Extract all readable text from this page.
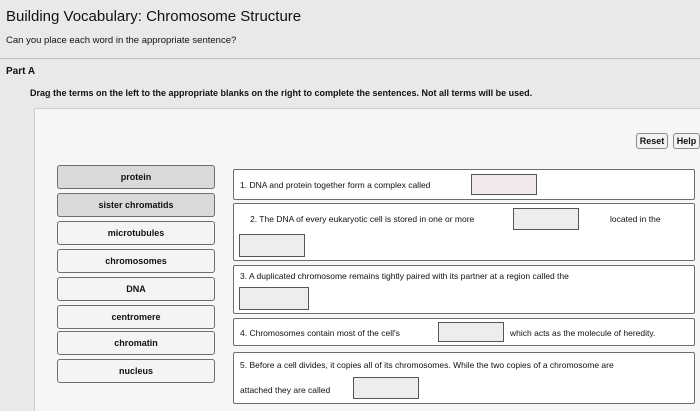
Building Vocabulary: Chromosome Structure
Can you place each word in the appropriate sentence?
Part A
Drag the terms on the left to the appropriate blanks on the right to complete the sentences. Not all terms will be used.
Reset	Help
protein
sister chromatids
microtubules
chromosomes
DNA
centromere
chromatin
nucleus
1. DNA and protein together form a complex called
2. The DNA of every eukaryotic cell is stored in one or more	located in the
3. A duplicated chromosome remains tightly paired with its partner at a region called the
4. Chromosomes contain most of the cell's	which acts as the molecule of heredity.
5. Before a cell divides, it copies all of its chromosomes. While the two copies of a chromosome are
attached they are called
